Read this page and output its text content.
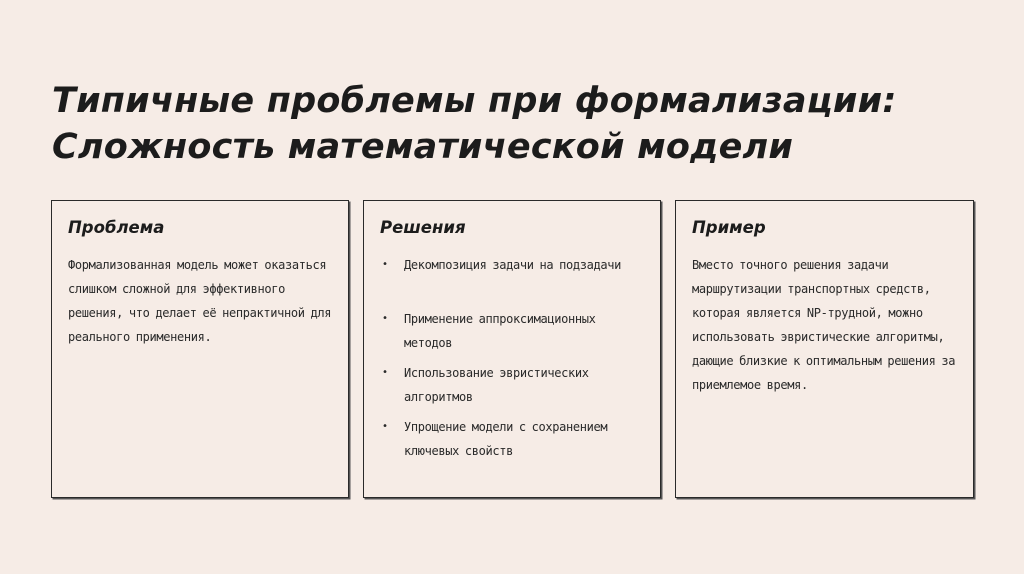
Типичные проблемы при формализации:
Сложность математической модели
Проблема

Формализованная модель может оказаться слишком сложной для эффективного решения, что делает её непрактичной для реального применения.

Решения
• Декомпозиция задачи на подзадачи
• Применение аппроксимационных методов
• Использование эвристических алгоритмов
• Упрощение модели с сохранением ключевых свойств
Пример

Вместо точного решения задачи маршрутизации транспортных средств, которая является NP-трудной, можно использовать эвристические алгоритмы, дающие близкие к оптимальным решения за приемлемое время.
